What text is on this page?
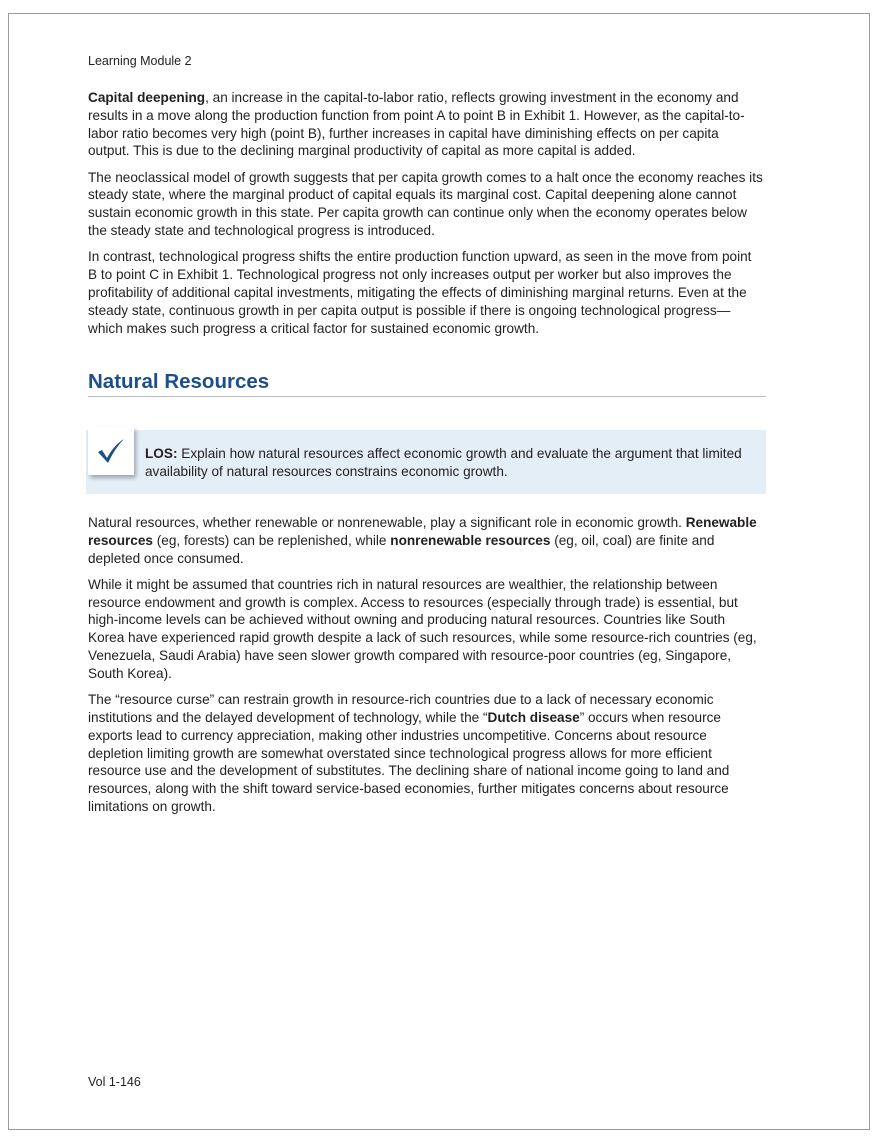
Learning Module 2

Capital deepening, an increase in the capital-to-labor ratio, reflects growing investment in the economy and results in a move along the production function from point A to point B in Exhibit 1. However, as the capital-to-labor ratio becomes very high (point B), further increases in capital have diminishing effects on per capita output. This is due to the declining marginal productivity of capital as more capital is added.

The neoclassical model of growth suggests that per capita growth comes to a halt once the economy reaches its steady state, where the marginal product of capital equals its marginal cost. Capital deepening alone cannot sustain economic growth in this state. Per capita growth can continue only when the economy operates below the steady state and technological progress is introduced.

In contrast, technological progress shifts the entire production function upward, as seen in the move from point B to point C in Exhibit 1. Technological progress not only increases output per worker but also improves the profitability of additional capital investments, mitigating the effects of diminishing marginal returns. Even at the steady state, continuous growth in per capita output is possible if there is ongoing technological progress—which makes such progress a critical factor for sustained economic growth.

Natural Resources
LOS: Explain how natural resources affect economic growth and evaluate the argument that limited availability of natural resources constrains economic growth.

Natural resources, whether renewable or nonrenewable, play a significant role in economic growth. Renewable resources (eg, forests) can be replenished, while nonrenewable resources (eg, oil, coal) are finite and depleted once consumed.

While it might be assumed that countries rich in natural resources are wealthier, the relationship between resource endowment and growth is complex. Access to resources (especially through trade) is essential, but high-income levels can be achieved without owning and producing natural resources. Countries like South Korea have experienced rapid growth despite a lack of such resources, while some resource-rich countries (eg, Venezuela, Saudi Arabia) have seen slower growth compared with resource-poor countries (eg, Singapore, South Korea).

The “resource curse” can restrain growth in resource-rich countries due to a lack of necessary economic institutions and the delayed development of technology, while the “Dutch disease” occurs when resource exports lead to currency appreciation, making other industries uncompetitive. Concerns about resource depletion limiting growth are somewhat overstated since technological progress allows for more efficient resource use and the development of substitutes. The declining share of national income going to land and resources, along with the shift toward service-based economies, further mitigates concerns about resource limitations on growth.

Vol 1-146
